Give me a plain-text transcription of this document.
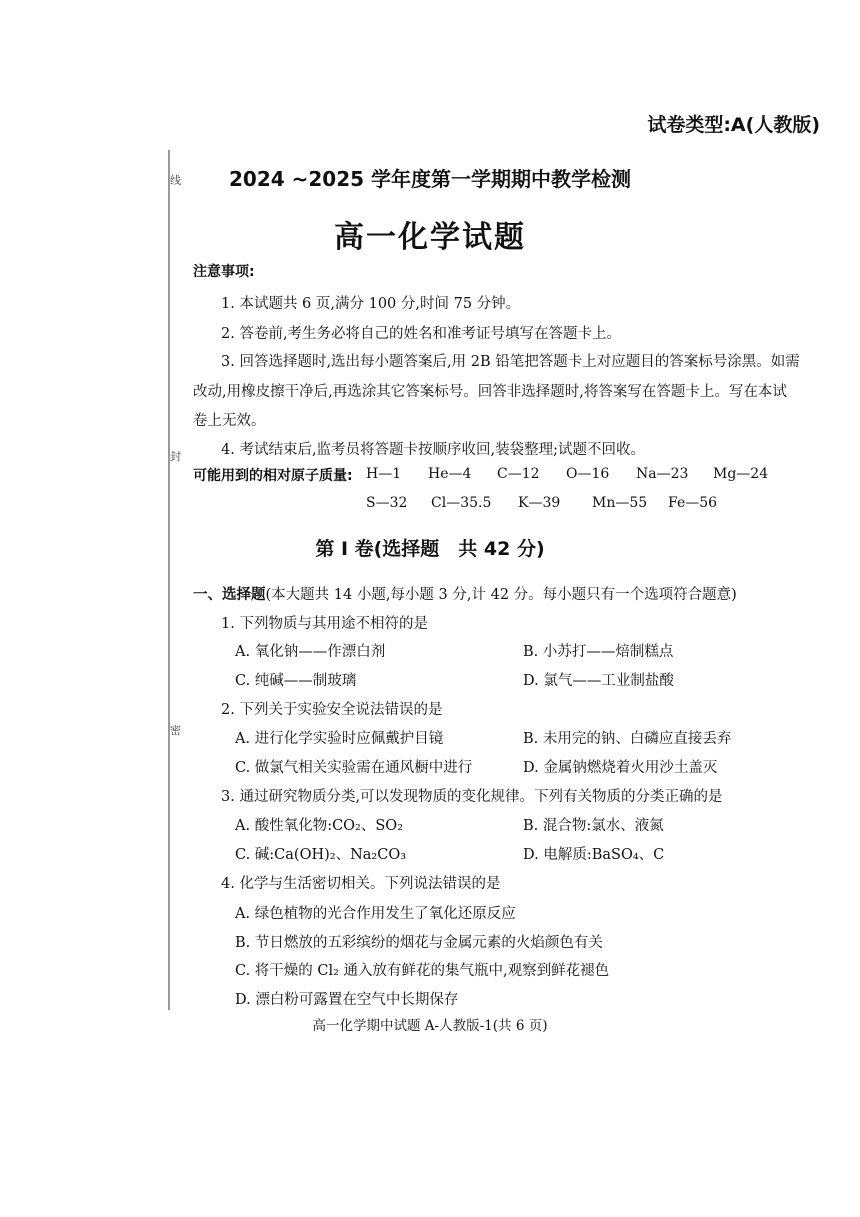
线
封
密
试卷类型:A(人教版)
2024 ~2025 学年度第一学期期中教学检测
高一化学试题
注意事项:
1. 本试题共 6 页,满分 100 分,时间 75 分钟。
2. 答卷前,考生务必将自己的姓名和准考证号填写在答题卡上。
3. 回答选择题时,选出每小题答案后,用 2B 铅笔把答题卡上对应题目的答案标号涂黑。如需
改动,用橡皮擦干净后,再选涂其它答案标号。回答非选择题时,将答案写在答题卡上。写在本试
卷上无效。
4. 考试结束后,监考员将答题卡按顺序收回,装袋整理;试题不回收。
可能用到的相对原子质量: H—1 He—4 C—12 O—16 Na—23 Mg—24
S—32 Cl—35.5 K—39 Mn—55 Fe—56
第 Ⅰ 卷(选择题　共 42 分)
一、选择题(本大题共 14 小题,每小题 3 分,计 42 分。每小题只有一个选项符合题意)
1. 下列物质与其用途不相符的是
A. 氧化钠——作漂白剂	B. 小苏打——焙制糕点
C. 纯碱——制玻璃	D. 氯气——工业制盐酸
2. 下列关于实验安全说法错误的是
A. 进行化学实验时应佩戴护目镜	B. 未用完的钠、白磷应直接丢弃
C. 做氯气相关实验需在通风橱中进行	D. 金属钠燃烧着火用沙土盖灭
3. 通过研究物质分类,可以发现物质的变化规律。下列有关物质的分类正确的是
A. 酸性氧化物:CO₂、SO₂	B. 混合物:氯水、液氮
C. 碱:Ca(OH)₂、Na₂CO₃	D. 电解质:BaSO₄、C
4. 化学与生活密切相关。下列说法错误的是
A. 绿色植物的光合作用发生了氧化还原反应
B. 节日燃放的五彩缤纷的烟花与金属元素的火焰颜色有关
C. 将干燥的 Cl₂ 通入放有鲜花的集气瓶中,观察到鲜花褪色
D. 漂白粉可露置在空气中长期保存
高一化学期中试题 A-人教版-1(共 6 页)
